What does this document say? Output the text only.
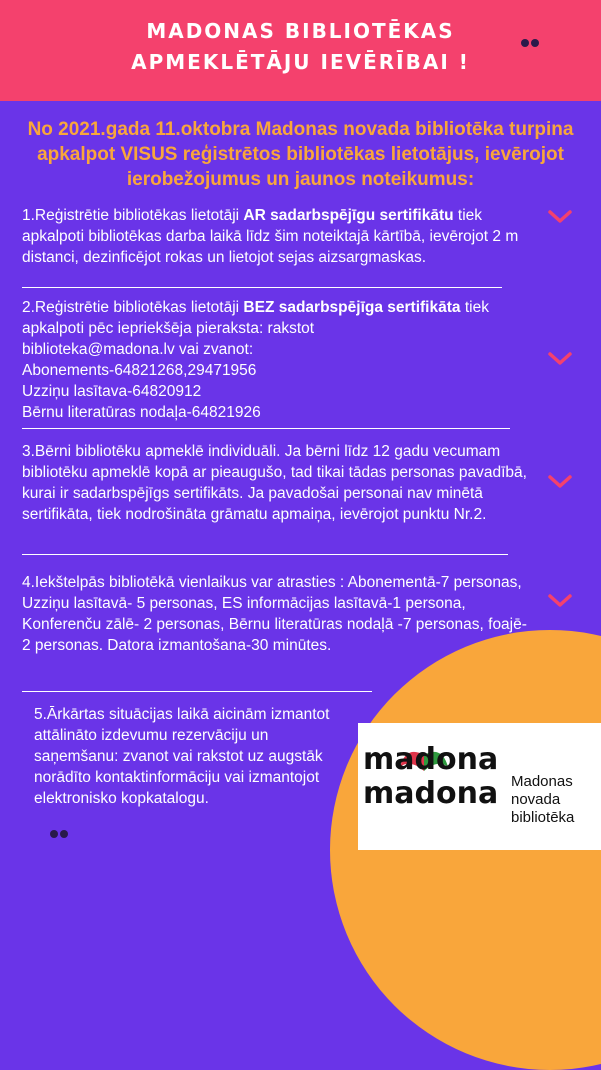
MADONAS BIBLIOTĒKAS
APMEKLĒTĀJU IEVĒRĪBAI !
No 2021.gada 11.oktobra Madonas novada bibliotēka turpina apkalpot VISUS reģistrētos bibliotēkas lietotājus, ievērojot ierobežojumus un jaunos noteikumus:
1.Reģistrētie bibliotēkas lietotāji AR sadarbspējīgu sertifikātu tiek apkalpoti bibliotēkas darba laikā līdz šim noteiktajā kārtībā, ievērojot 2 m distanci, dezinficējot rokas un lietojot sejas aizsargmaskas.
2.Reģistrētie bibliotēkas lietotāji BEZ sadarbspējīga sertifikāta tiek apkalpoti pēc iepriekšēja pieraksta: rakstot
biblioteka@madona.lv vai zvanot:
Abonements-64821268,29471956
Uzziņu lasītava-64820912
Bērnu literatūras nodaļa-64821926
3.Bērni bibliotēku apmeklē individuāli. Ja bērni līdz 12 gadu vecumam bibliotēku apmeklē kopā ar pieaugušo, tad tikai tādas personas pavadībā, kurai ir sadarbspējīgs sertifikāts. Ja pavadošai personai nav minētā sertifikāta, tiek nodrošināta grāmatu apmaiņa, ievērojot punktu Nr.2.
4.Iekštelpās bibliotēkā vienlaikus var atrasties : Abonementā-7 personas, Uzziņu lasītavā- 5 personas, ES informācijas lasītavā-1 persona, Konferenču zālē- 2 personas, Bērnu literatūras nodaļā -7 personas, foajē- 2 personas. Datora izmantošana-30 minūtes.
5.Ārkārtas situācijas laikā aicinām izmantot attālināto izdevumu rezervāciju un saņemšanu: zvanot vai rakstot uz augstāk norādīto kontaktinformāciju vai izmantojot elektronisko kopkatalogu.
madona
madona Madonas
novada
bibliotēka
